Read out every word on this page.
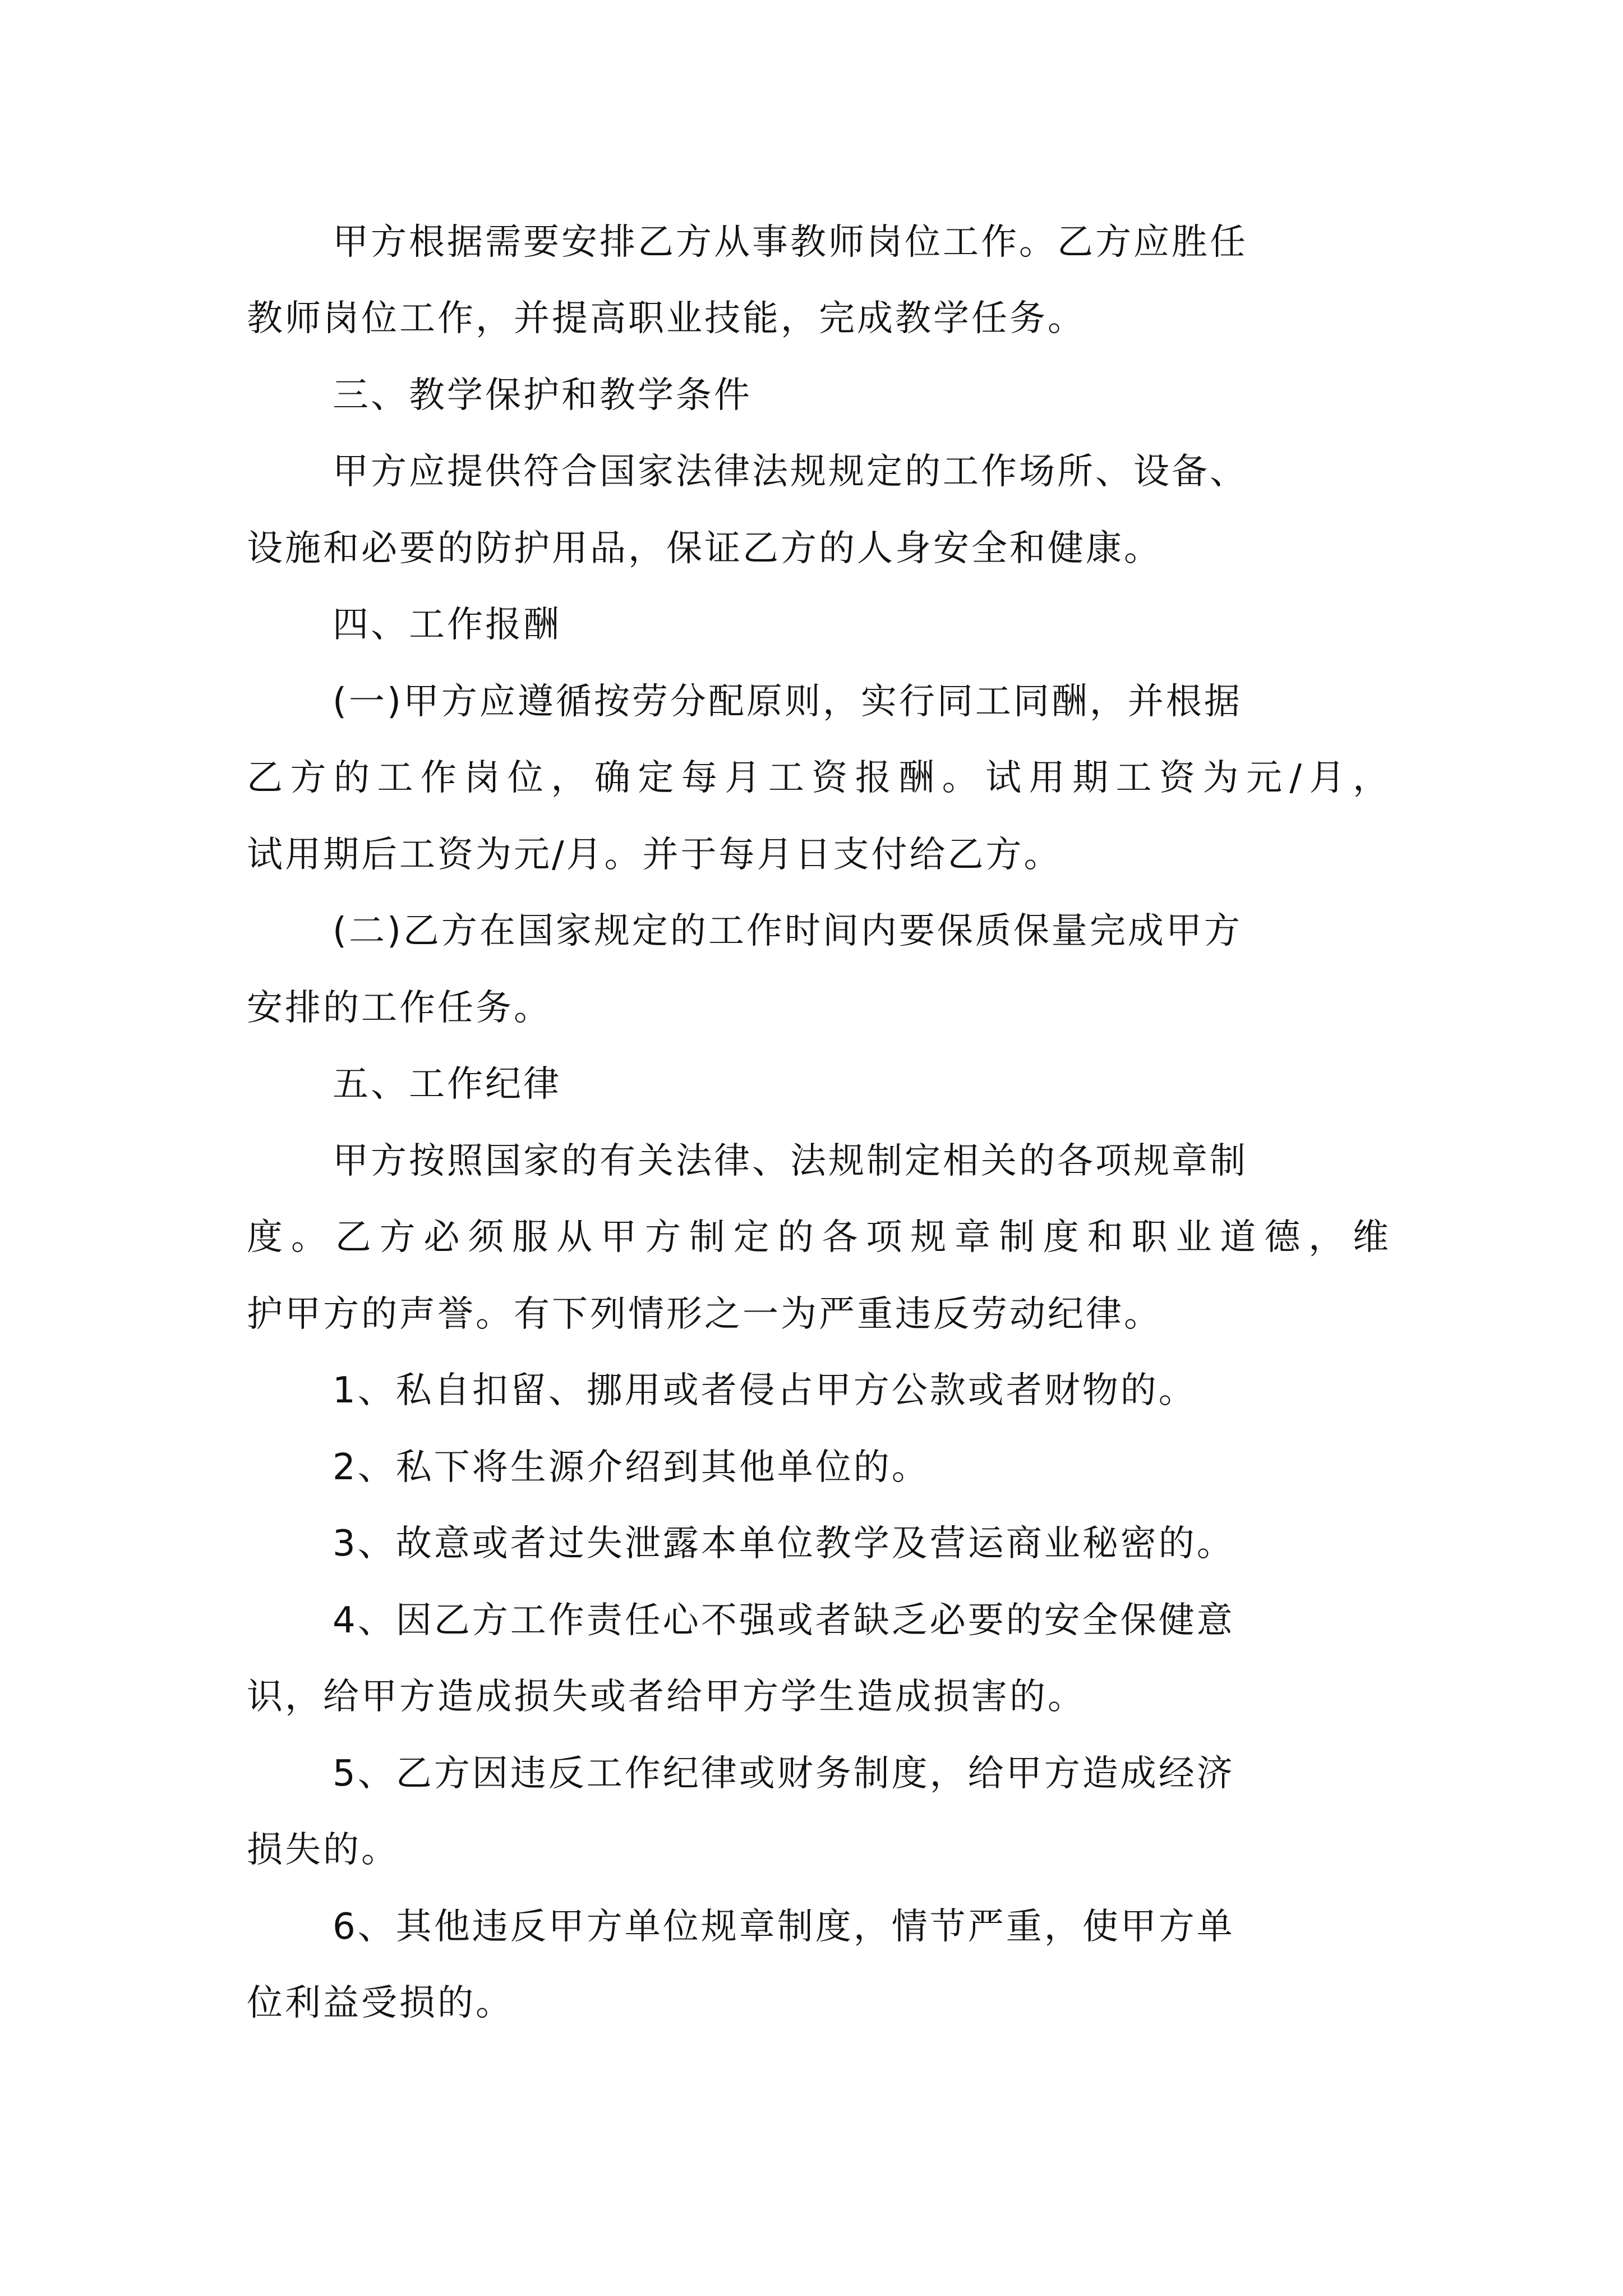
甲方根据需要安排乙方从事教师岗位工作。乙方应胜任
教师岗位工作，并提高职业技能，完成教学任务。
三、教学保护和教学条件
甲方应提供符合国家法律法规规定的工作场所、设备、
设施和必要的防护用品，保证乙方的人身安全和健康。
四、工作报酬
(一)甲方应遵循按劳分配原则，实行同工同酬，并根据
乙方的工作岗位，确定每月工资报酬。试用期工资为元/月，
试用期后工资为元/月。并于每月日支付给乙方。
(二)乙方在国家规定的工作时间内要保质保量完成甲方
安排的工作任务。
五、工作纪律
甲方按照国家的有关法律、法规制定相关的各项规章制
度。乙方必须服从甲方制定的各项规章制度和职业道德，维
护甲方的声誉。有下列情形之一为严重违反劳动纪律。
1、私自扣留、挪用或者侵占甲方公款或者财物的。
2、私下将生源介绍到其他单位的。
3、故意或者过失泄露本单位教学及营运商业秘密的。
4、因乙方工作责任心不强或者缺乏必要的安全保健意
识，给甲方造成损失或者给甲方学生造成损害的。
5、乙方因违反工作纪律或财务制度，给甲方造成经济
损失的。
6、其他违反甲方单位规章制度，情节严重，使甲方单
位利益受损的。
